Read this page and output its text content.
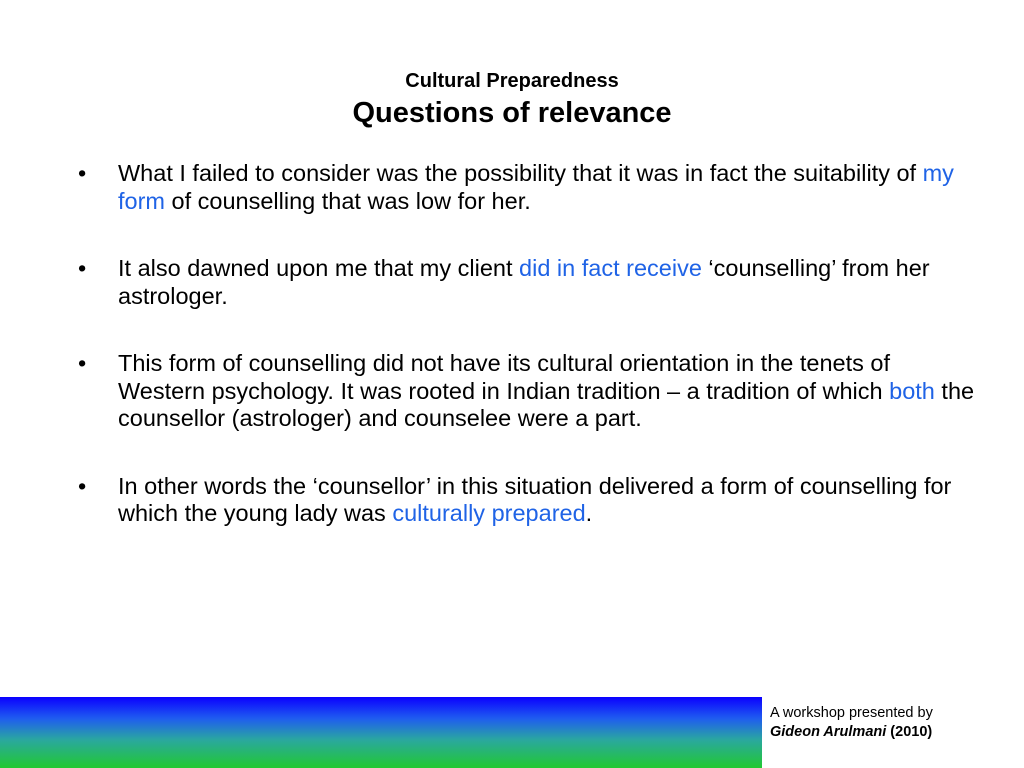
Cultural Preparedness
Questions of relevance
• What I failed to consider was the possibility that it was in fact the suitability of my form of counselling that was low for her.
• It also dawned upon me that my client did in fact receive ‘counselling’ from her astrologer.
• This form of counselling did not have its cultural orientation in the tenets of Western psychology. It was rooted in Indian tradition – a tradition of which both the counsellor (astrologer) and counselee were a part.
• In other words the ‘counsellor’ in this situation delivered a form of counselling for which the young lady was culturally prepared.
A workshop presented by
Gideon Arulmani (2010)
